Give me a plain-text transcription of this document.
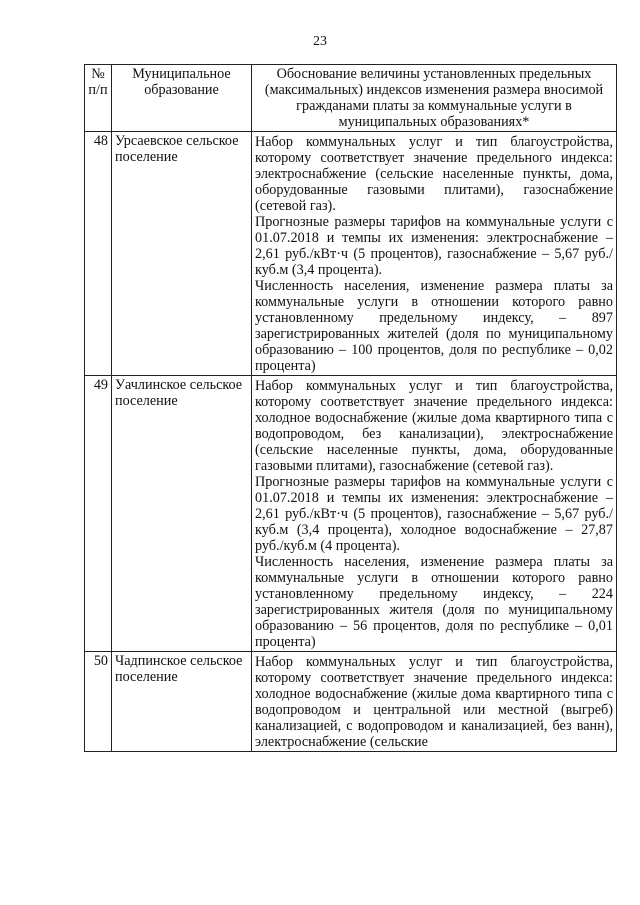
23
№ п/п	Муниципальное образование	Обоснование величины установленных предельных (максимальных) индексов изменения размера вносимой гражданами платы за коммунальные услуги в муниципальных образованиях*
48	Урсаевское сельское поселение	Набор коммунальных услуг и тип благоустройства, которому соответствует значение предельного индекса: электроснабжение (сельские населенные пункты, дома, оборудованные газовыми плитами), газоснабжение (сетевой газ).

Прогнозные размеры тарифов на коммунальные услуги с 01.07.2018 и темпы их изменения: электроснабжение – 2,61 руб./кВт·ч (5 процентов), газоснабжение – 5,67 руб./куб.м (3,4 процента).

Численность населения, изменение размера платы за коммунальные услуги в отношении которого равно установленному предельному индексу, – 897 зарегистрированных жителей (доля по муниципальному образованию – 100 процентов, доля по республике – 0,02 процента)

49	Уачлинское сельское поселение	Набор коммунальных услуг и тип благоустройства, которому соответствует значение предельного индекса: холодное водоснабжение (жилые дома квартирного типа с водопроводом, без канализации), электроснабжение (сельские населенные пункты, дома, оборудованные газовыми плитами), газоснабжение (сетевой газ).

Прогнозные размеры тарифов на коммунальные услуги с 01.07.2018 и темпы их изменения: электроснабжение – 2,61 руб./кВт·ч (5 процентов), газоснабжение – 5,67 руб./куб.м (3,4 процента), холодное водоснабжение – 27,87 руб./куб.м (4 процента).

Численность населения, изменение размера платы за коммунальные услуги в отношении которого равно установленному предельному индексу, – 224 зарегистрированных жителя (доля по муниципальному образованию – 56 процентов, доля по республике – 0,01 процента)

50	Чадпинское сельское поселение	Набор коммунальных услуг и тип благоустройства, которому соответствует значение предельного индекса: холодное водоснабжение (жилые дома квартирного типа с водопроводом и центральной или местной (выгреб) канализацией, с водопроводом и канализацией, без ванн), электроснабжение (сельские
